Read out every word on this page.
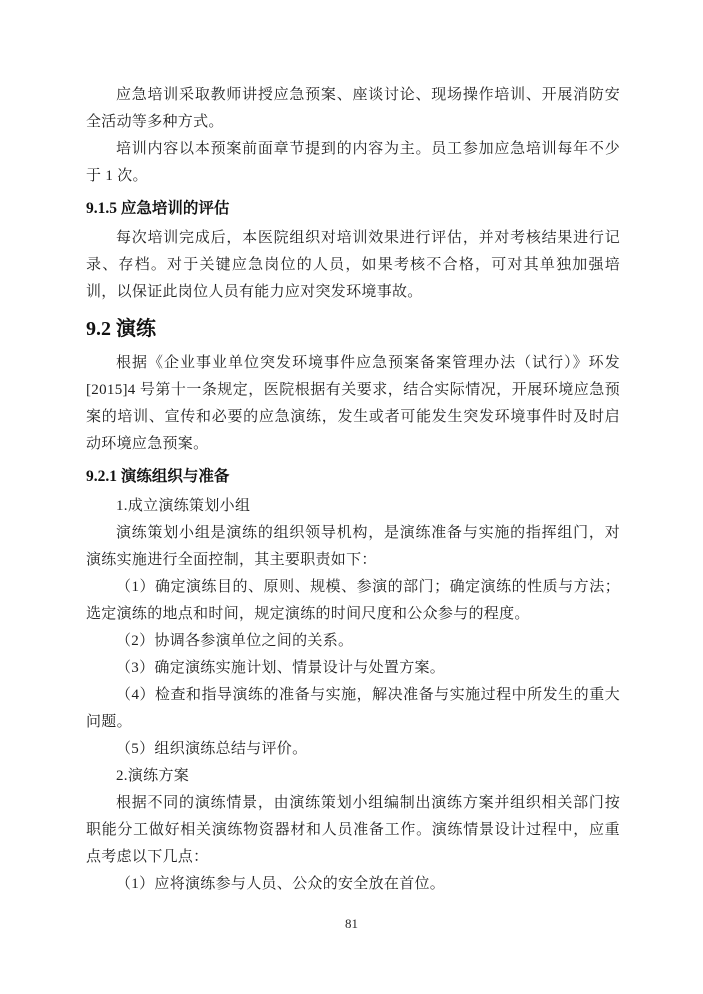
应急培训采取教师讲授应急预案、座谈讨论、现场操作培训、开展消防安全活动等多种方式。

培训内容以本预案前面章节提到的内容为主。员工参加应急培训每年不少于 1 次。

9.1.5 应急培训的评估

每次培训完成后，本医院组织对培训效果进行评估，并对考核结果进行记录、存档。对于关键应急岗位的人员，如果考核不合格，可对其单独加强培训，以保证此岗位人员有能力应对突发环境事故。

9.2 演练

根据《企业事业单位突发环境事件应急预案备案管理办法（试行）》环发[2015]4 号第十一条规定，医院根据有关要求，结合实际情况，开展环境应急预案的培训、宣传和必要的应急演练，发生或者可能发生突发环境事件时及时启动环境应急预案。

9.2.1 演练组织与准备

1.成立演练策划小组

演练策划小组是演练的组织领导机构，是演练准备与实施的指挥组门，对演练实施进行全面控制，其主要职责如下：

（1）确定演练目的、原则、规模、参演的部门；确定演练的性质与方法；选定演练的地点和时间，规定演练的时间尺度和公众参与的程度。

（2）协调各参演单位之间的关系。

（3）确定演练实施计划、情景设计与处置方案。

（4）检查和指导演练的准备与实施，解决准备与实施过程中所发生的重大问题。

（5）组织演练总结与评价。

2.演练方案

根据不同的演练情景，由演练策划小组编制出演练方案并组织相关部门按职能分工做好相关演练物资器材和人员准备工作。演练情景设计过程中，应重点考虑以下几点：

（1）应将演练参与人员、公众的安全放在首位。

81
